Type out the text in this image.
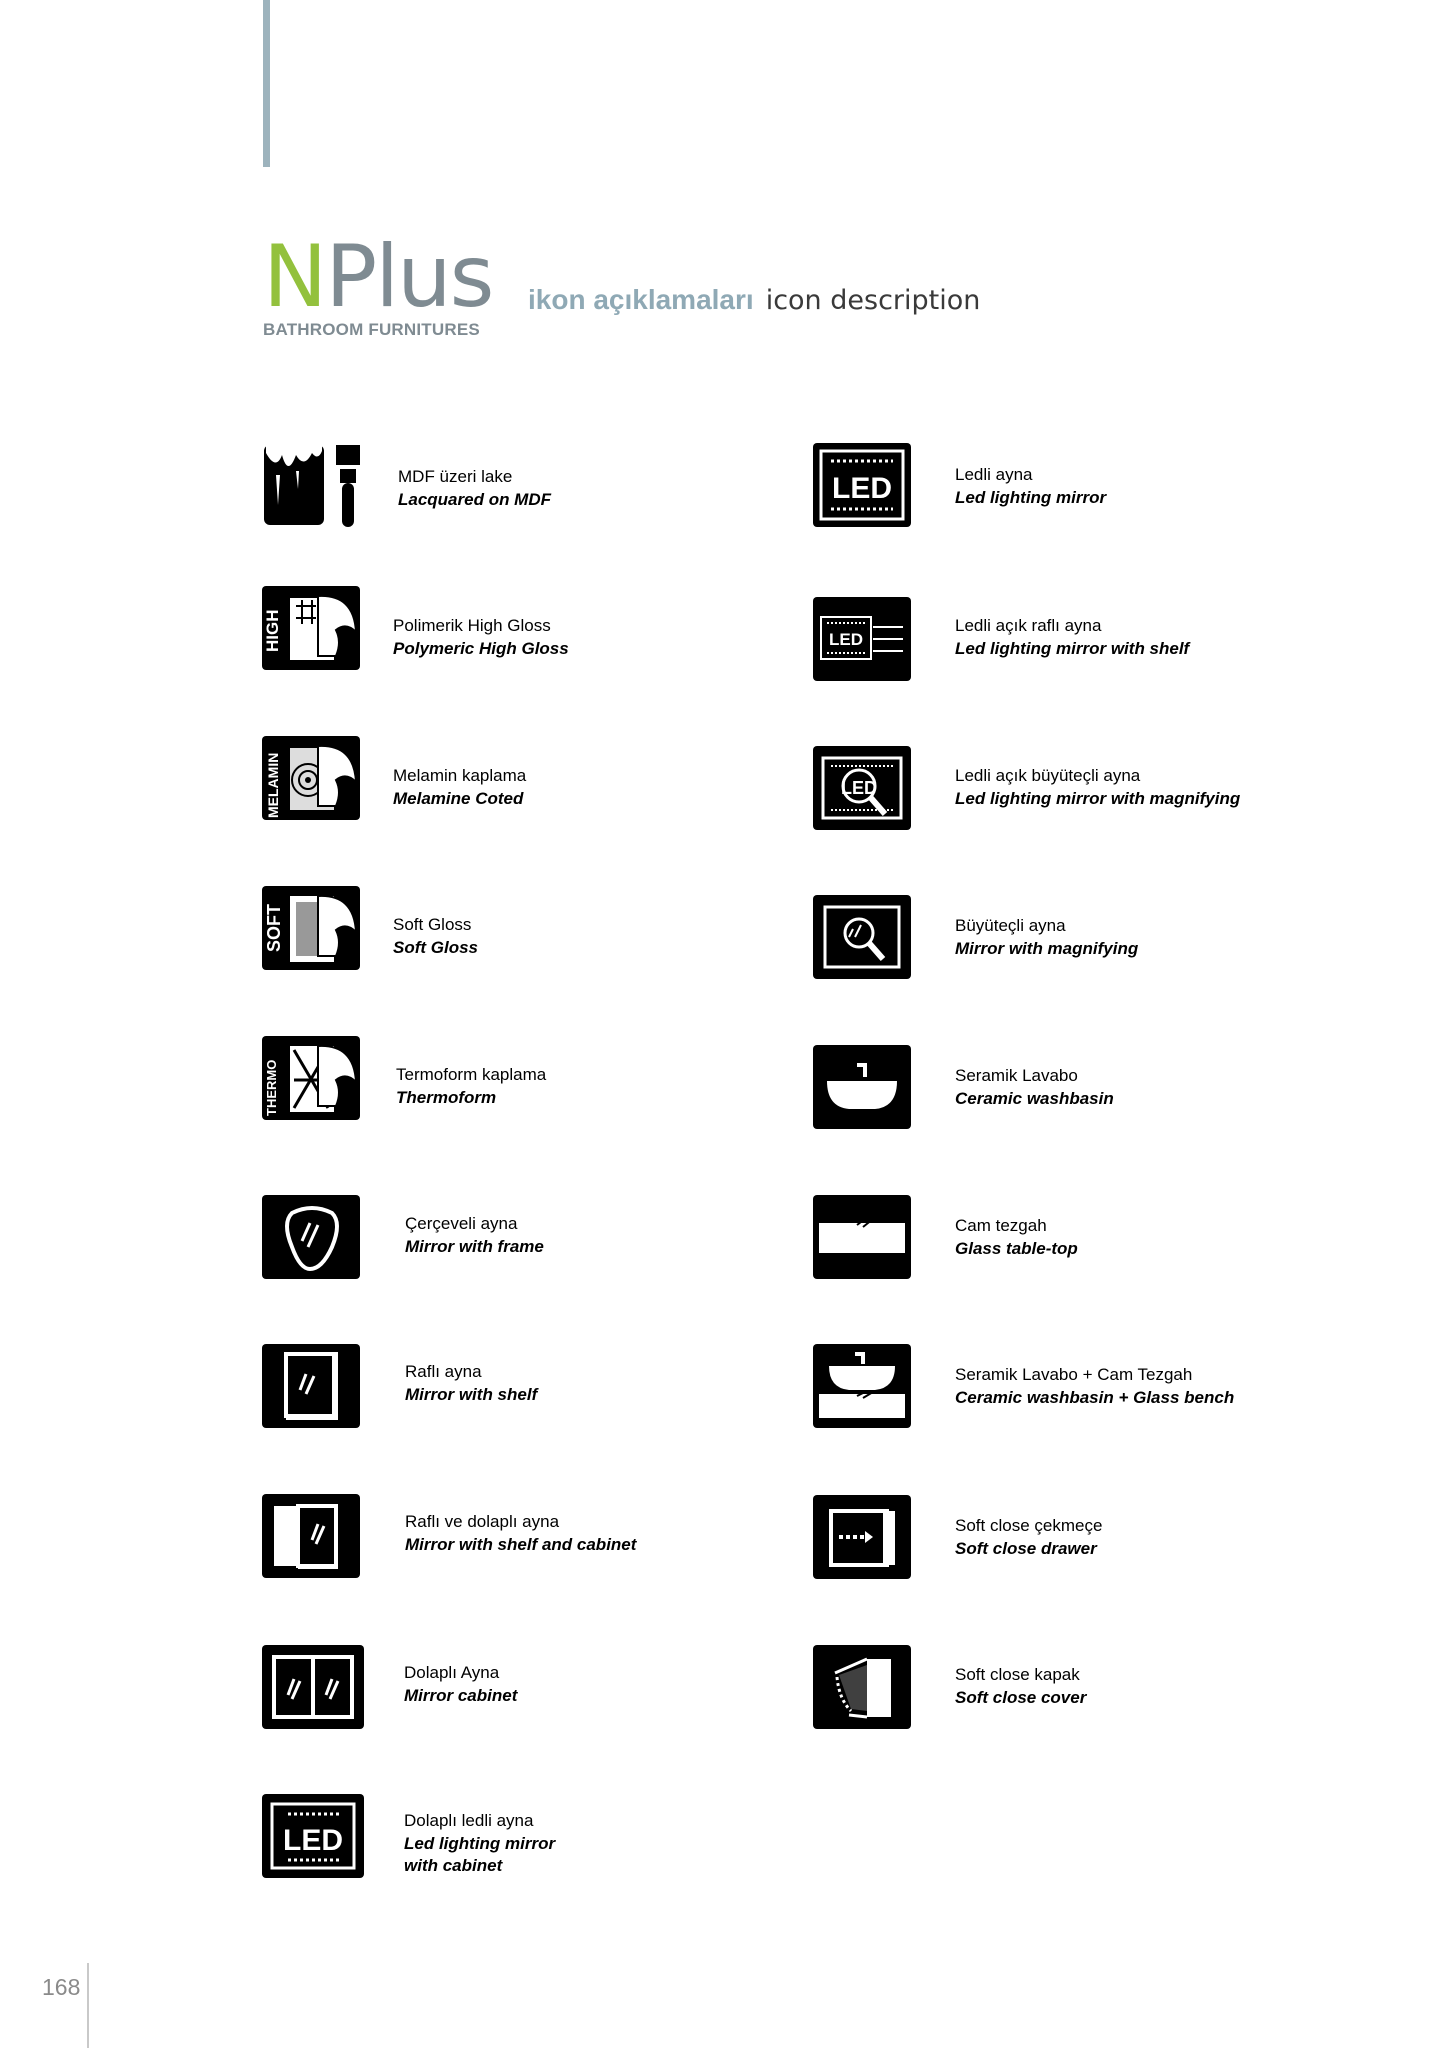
NPlus
BATHROOM FURNITURES
ikon açıklamaları icon description
MDF üzeri lake
Lacquared on MDF
HIGH	Polimerik High Gloss
Polymeric High Gloss
MELAMIN	Melamin kaplama
Melamine Coted
SOFT	Soft Gloss
Soft Gloss
THERMO	Termoform kaplama
Thermoform
Çerçeveli ayna
Mirror with frame
Raflı ayna
Mirror with shelf
Raflı ve dolaplı ayna
Mirror with shelf and cabinet
Dolaplı Ayna
Mirror cabinet
LED
Dolaplı ledli ayna
Led lighting mirror
with cabinet
LED	Ledli ayna
Led lighting mirror
LED
Ledli açık raflı ayna
Led lighting mirror with shelf
LED
Ledli açık büyüteçli ayna
Led lighting mirror with magnifying
Büyüteçli ayna
Mirror with magnifying
Seramik Lavabo
Ceramic washbasin
Cam tezgah
Glass table-top
Seramik Lavabo + Cam Tezgah
Ceramic washbasin + Glass bench
Soft close çekmeçe
Soft close drawer
Soft close kapak
Soft close cover
168
